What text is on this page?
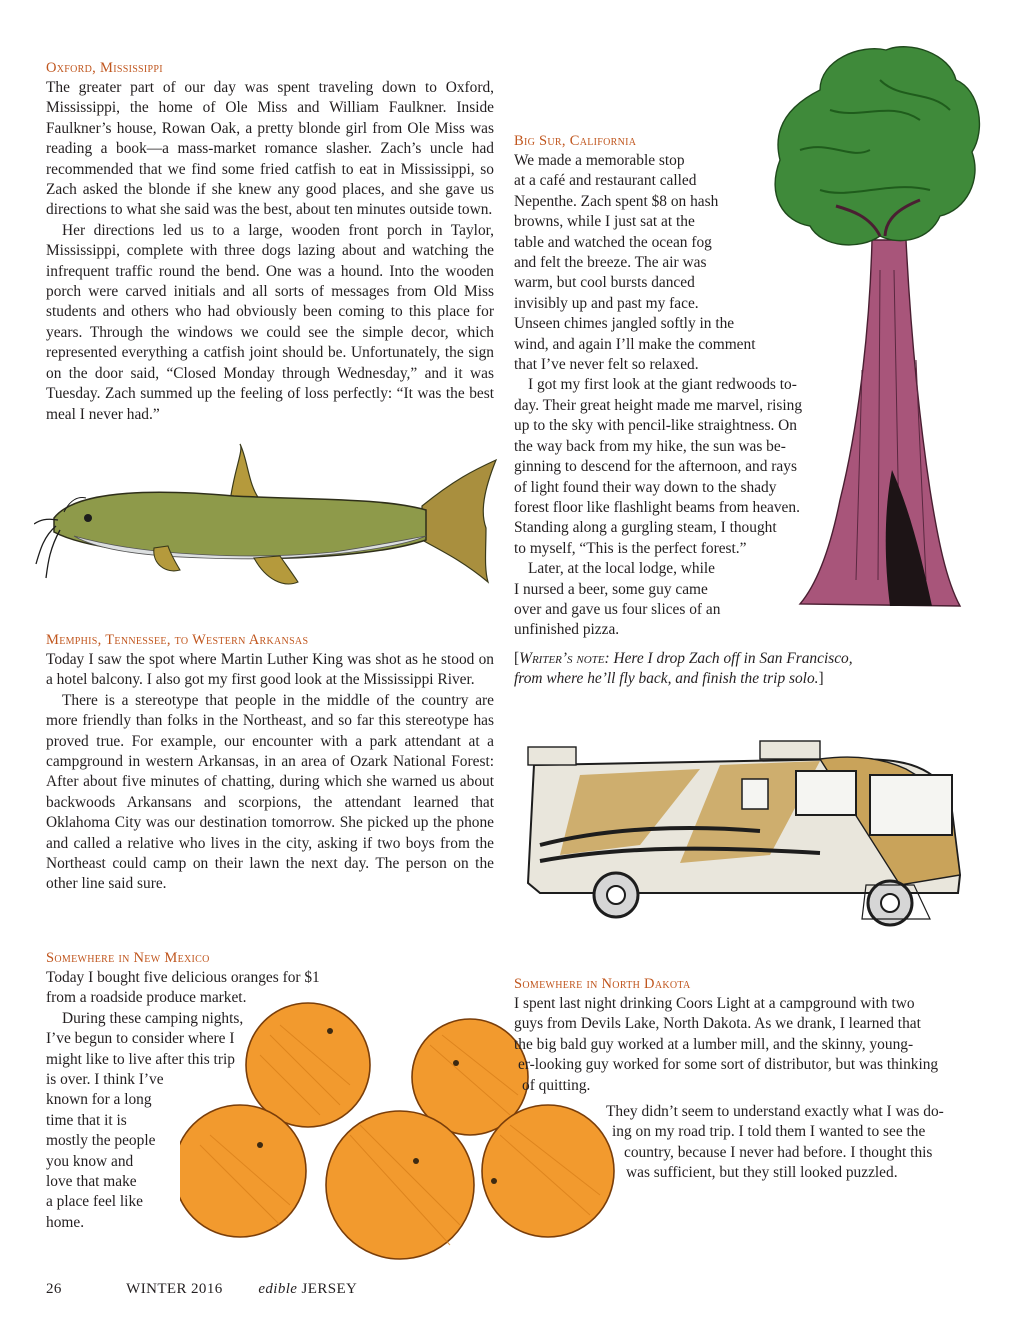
Oxford, Mississippi

The greater part of our day was spent traveling down to Oxford, Mississippi, the home of Ole Miss and William Faulkner. Inside Faulkner’s house, Rowan Oak, a pretty blonde girl from Ole Miss was reading a book—a mass-market romance slasher. Zach’s uncle had recommended that we find some fried catfish to eat in Mississippi, so Zach asked the blonde if she knew any good places, and she gave us directions to what she said was the best, about ten minutes outside town.

Her directions led us to a large, wooden front porch in Taylor, Mississippi, complete with three dogs lazing about and watching the infrequent traffic round the bend. One was a hound. Into the wooden porch were carved initials and all sorts of messages from Old Miss students and others who had obviously been coming to this place for years. Through the windows we could see the simple decor, which represented everything a catfish joint should be. Unfortunately, the sign on the door said, “Closed Monday through Wednesday,” and it was Tuesday. Zach summed up the feeling of loss perfectly: “It was the best meal I never had.”

Memphis, Tennessee, to Western Arkansas

Today I saw the spot where Martin Luther King was shot as he stood on a hotel balcony. I also got my first good look at the Mississippi River.

There is a stereotype that people in the middle of the country are more friendly than folks in the Northeast, and so far this stereotype has proved true. For example, our encounter with a park attendant at a campground in western Arkansas, in an area of Ozark National Forest: After about five minutes of chatting, during which she warned us about backwoods Arkansans and scorpions, the attendant learned that Oklahoma City was our destination tomorrow. She picked up the phone and called a relative who lives in the city, asking if two boys from the Northeast could camp on their lawn the next day. The person on the other line said sure.

Big Sur, California

We made a memorable stop
at a café and restaurant called
Nepenthe. Zach spent $8 on hash
browns, while I just sat at the
table and watched the ocean fog
and felt the breeze. The air was
warm, but cool bursts danced
invisibly up and past my face.
Unseen chimes jangled softly in the
wind, and again I’ll make the comment
that I’ve never felt so relaxed.
I got my first look at the giant redwoods to-
day. Their great height made me marvel, rising
up to the sky with pencil-like straightness. On
the way back from my hike, the sun was be-
ginning to descend for the afternoon, and rays
of light found their way down to the shady
forest floor like flashlight beams from heaven.
Standing along a gurgling steam, I thought
to myself, “This is the perfect forest.”
Later, at the local lodge, while
I nursed a beer, some guy came
over and gave us four slices of an
unfinished pizza.
[Writer’s note: Here I drop Zach off in San Francisco,
from where he’ll fly back, and finish the trip solo.]

Somewhere in New Mexico

Today I bought five delicious oranges for $1
from a roadside produce market.
During these camping nights,
I’ve begun to consider where I
might like to live after this trip
is over. I think I’ve
known for a long
time that it is
mostly the people
you know and
love that make
a place feel like
home.

Somewhere in North Dakota

I spent last night drinking Coors Light at a campground with two
guys from Devils Lake, North Dakota. As we drank, I learned that
the big bald guy worked at a lumber mill, and the skinny, young-
er-looking guy worked for some sort of distributor, but was thinking
of quitting.
They didn’t seem to understand exactly what I was do-
ing on my road trip. I told them I wanted to see the
country, because I never had before. I thought this
was sufficient, but they still looked puzzled.
26	WINTER 2016 edible JERSEY
